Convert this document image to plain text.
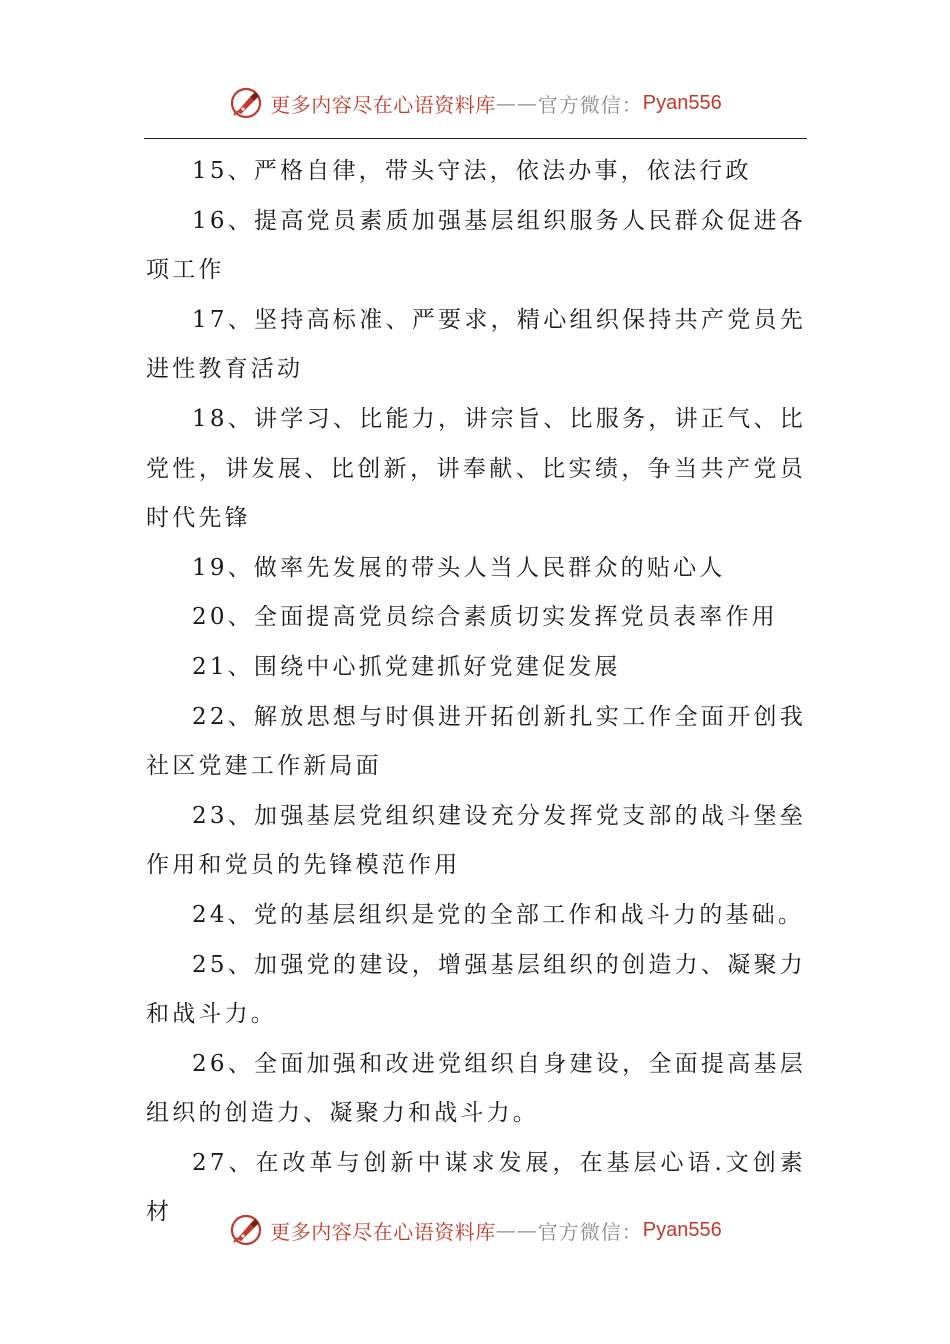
更多内容尽在心语资料库 —— 官方微信： Pyan556

15、严格自律，带头守法，依法办事，依法行政

16、提高党员素质加强基层组织服务人民群众促进各项工作

17、坚持高标准、严要求，精心组织保持共产党员先进性教育活动

18、讲学习、比能力，讲宗旨、比服务，讲正气、比党性，讲发展、比创新，讲奉献、比实绩，争当共产党员时代先锋

19、做率先发展的带头人当人民群众的贴心人

20、全面提高党员综合素质切实发挥党员表率作用

21、围绕中心抓党建抓好党建促发展

22、解放思想与时俱进开拓创新扎实工作全面开创我社区党建工作新局面

23、加强基层党组织建设充分发挥党支部的战斗堡垒作用和党员的先锋模范作用

24、党的基层组织是党的全部工作和战斗力的基础。

25、加强党的建设，增强基层组织的创造力、凝聚力和战斗力。

26、全面加强和改进党组织自身建设，全面提高基层组织的创造力、凝聚力和战斗力。

27、在改革与创新中谋求发展，在基层心语.文创素材

更多内容尽在心语资料库 —— 官方微信： Pyan556
